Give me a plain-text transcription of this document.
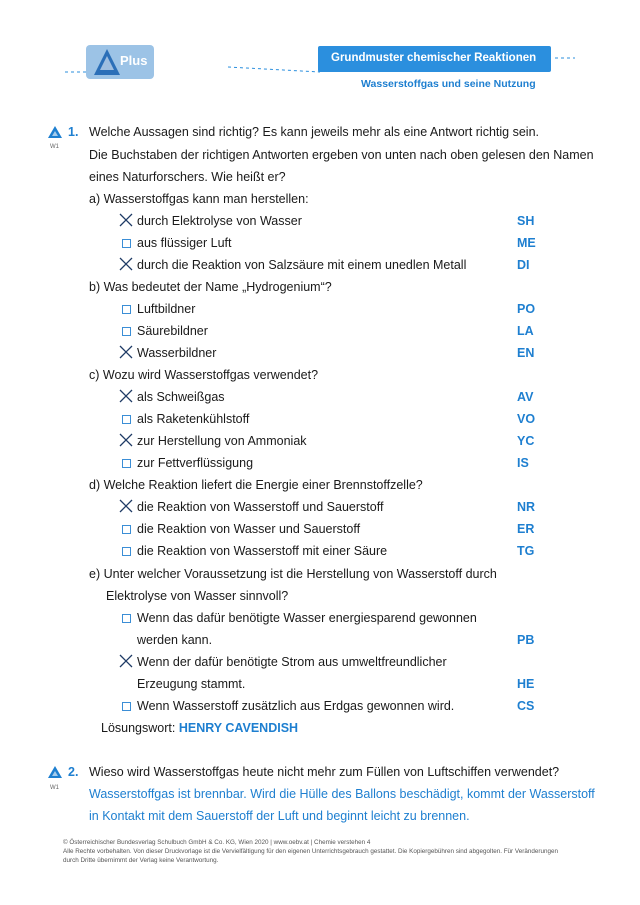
Plus	Grundmuster chemischer Reaktionen
Wasserstoffgas und seine Nutzung
1.
W1
Welche Aussagen sind richtig? Es kann jeweils mehr als eine Antwort richtig sein.
Die Buchstaben der richtigen Antworten ergeben von unten nach oben gelesen den Namen
eines Naturforschers. Wie heißt er?
a) Wasserstoffgas kann man herstellen:
durch Elektrolyse von Wasser	SH
aus flüssiger Luft	ME
durch die Reaktion von Salzsäure mit einem unedlen Metall	DI
b) Was bedeutet der Name „Hydrogenium“?
Luftbildner	PO
Säurebildner	LA
Wasserbildner	EN
c) Wozu wird Wasserstoffgas verwendet?
als Schweißgas	AV
als Raketenkühlstoff	VO
zur Herstellung von Ammoniak	YC
zur Fettverflüssigung	IS
d) Welche Reaktion liefert die Energie einer Brennstoffzelle?
die Reaktion von Wasserstoff und Sauerstoff	NR
die Reaktion von Wasser und Sauerstoff	ER
die Reaktion von Wasserstoff mit einer Säure	TG
e) Unter welcher Voraussetzung ist die Herstellung von Wasserstoff durch
Elektrolyse von Wasser sinnvoll?
Wenn das dafür benötigte Wasser energiesparend gewonnen
werden kann.	PB
Wenn der dafür benötigte Strom aus umweltfreundlicher
Erzeugung stammt.	HE
Wenn Wasserstoff zusätzlich aus Erdgas gewonnen wird.	CS
Lösungswort: HENRY CAVENDISH
2.
W1
Wieso wird Wasserstoffgas heute nicht mehr zum Füllen von Luftschiffen verwendet?
Wasserstoffgas ist brennbar. Wird die Hülle des Ballons beschädigt, kommt der Wasserstoff
in Kontakt mit dem Sauerstoff der Luft und beginnt leicht zu brennen.
© Österreichischer Bundesverlag Schulbuch GmbH & Co. KG, Wien 2020 | www.oebv.at | Chemie verstehen 4
Alle Rechte vorbehalten. Von dieser Druckvorlage ist die Vervielfältigung für den eigenen Unterrichtsgebrauch gestattet. Die Kopiergebühren sind abgegolten. Für Veränderungen
durch Dritte übernimmt der Verlag keine Verantwortung.
